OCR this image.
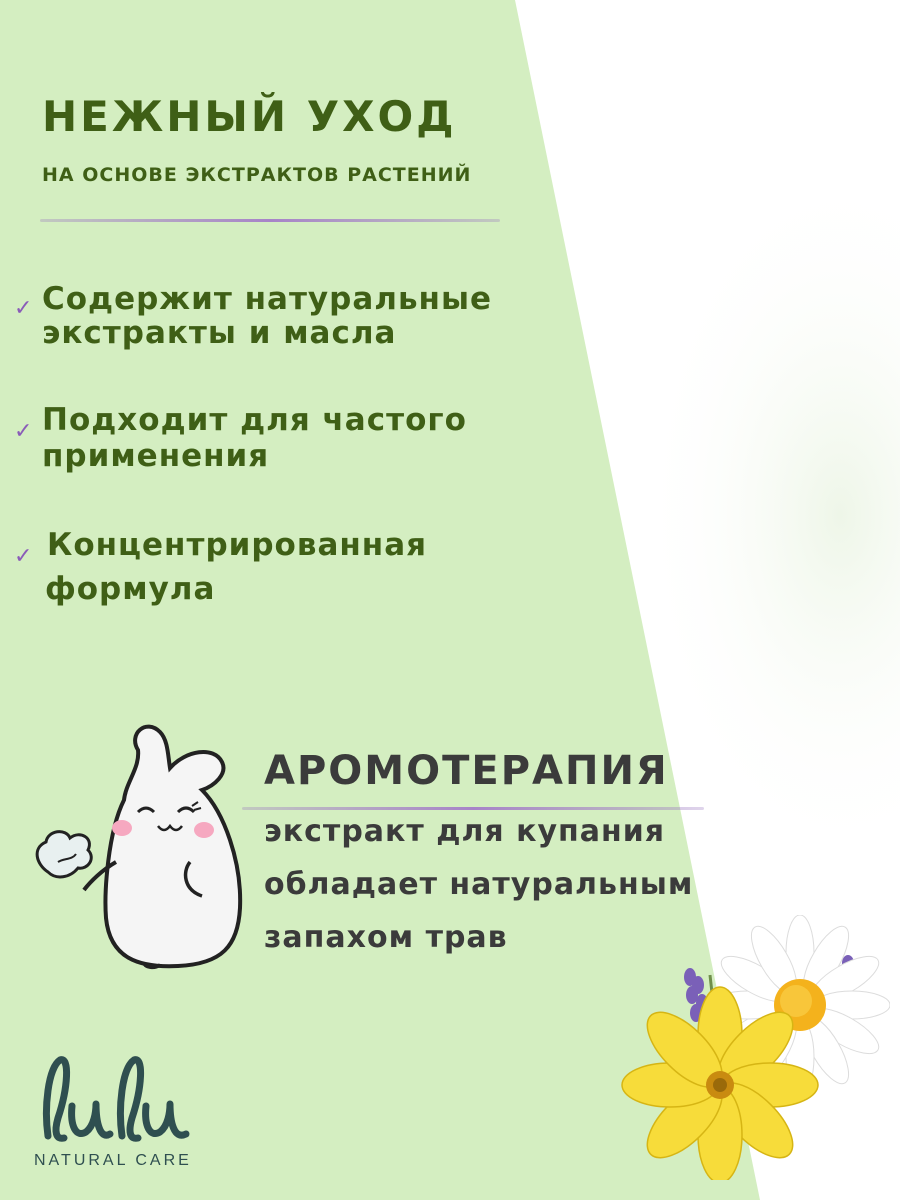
НЕЖНЫЙ УХОД

НА ОСНОВЕ ЭКСТРАКТОВ РАСТЕНИЙ

✓ Содержит натуральные
экстракты и масла
✓ Подходит для частого
применения
✓ Концентрированная
формула
АРОМОТЕРАПИЯ
экстракт для купания
обладает натуральным
запахом трав
NATURAL CARE
